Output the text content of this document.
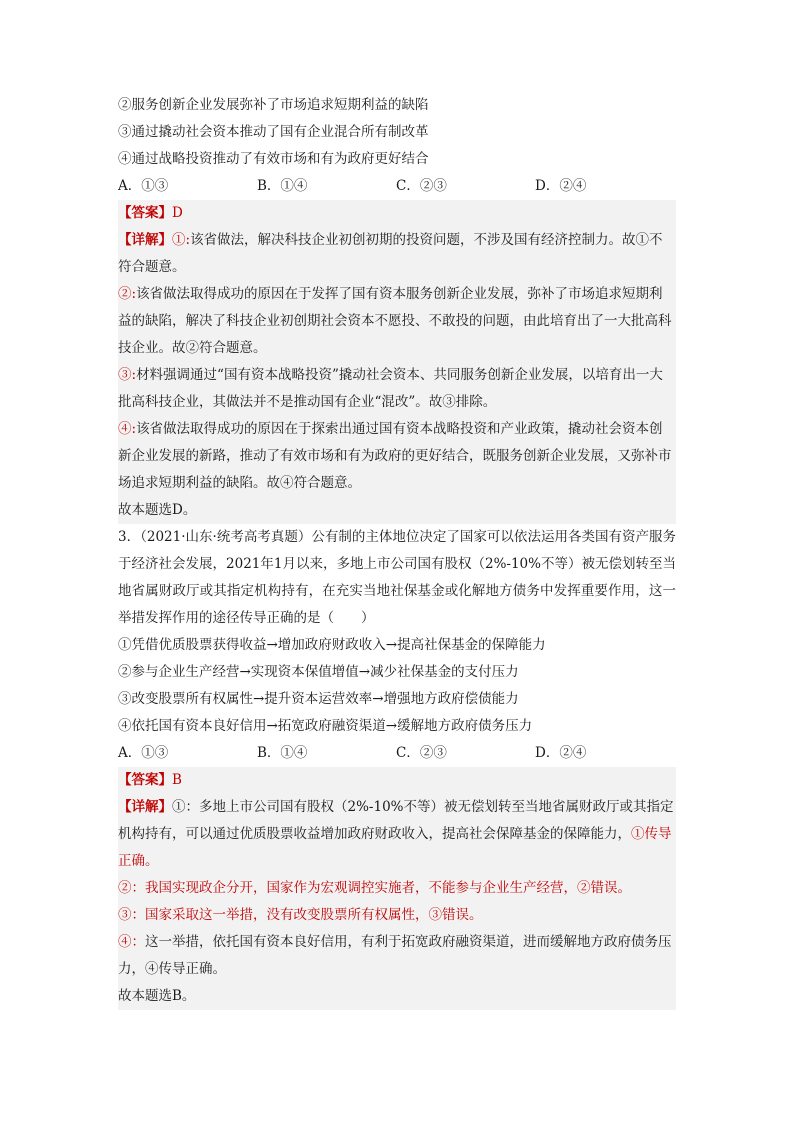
②服务创新企业发展弥补了市场追求短期利益的缺陷
③通过撬动社会资本推动了国有企业混合所有制改革
④通过战略投资推动了有效市场和有为政府更好结合
A．①③	B．①④	C．②③	D．②④
【答案】D
【详解】①:该省做法，解决科技企业初创初期的投资问题，不涉及国有经济控制力。故①不符合题意。
②:该省做法取得成功的原因在于发挥了国有资本服务创新企业发展，弥补了市场追求短期利益的缺陷，解决了科技企业初创期社会资本不愿投、不敢投的问题，由此培育出了一大批高科技企业。故②符合题意。
③:材料强调通过“国有资本战略投资”撬动社会资本、共同服务创新企业发展，以培育出一大批高科技企业，其做法并不是推动国有企业“混改”。故③排除。
④:该省做法取得成功的原因在于探索出通过国有资本战略投资和产业政策，撬动社会资本创新企业发展的新路，推动了有效市场和有为政府的更好结合，既服务创新企业发展，又弥补市场追求短期利益的缺陷。故④符合题意。
故本题选D。
3．（2021·山东·统考高考真题）公有制的主体地位决定了国家可以依法运用各类国有资产服务于经济社会发展，2021年1月以来，多地上市公司国有股权（2%-10%不等）被无偿划转至当地省属财政厅或其指定机构持有，在充实当地社保基金或化解地方债务中发挥重要作用，这一举措发挥作用的途径传导正确的是（　　）
①凭借优质股票获得收益→增加政府财政收入→提高社保基金的保障能力
②参与企业生产经营→实现资本保值增值→减少社保基金的支付压力
③改变股票所有权属性→提升资本运营效率→增强地方政府偿债能力
④依托国有资本良好信用→拓宽政府融资渠道→缓解地方政府债务压力
A．①③	B．①④	C．②③	D．②④
【答案】B
【详解】①：多地上市公司国有股权（2%-10%不等）被无偿划转至当地省属财政厅或其指定机构持有，可以通过优质股票收益增加政府财政收入，提高社会保障基金的保障能力，①传导正确。
②：我国实现政企分开，国家作为宏观调控实施者，不能参与企业生产经营，②错误。
③：国家采取这一举措，没有改变股票所有权属性，③错误。
④：这一举措，依托国有资本良好信用，有利于拓宽政府融资渠道，进而缓解地方政府债务压力，④传导正确。
故本题选B。
